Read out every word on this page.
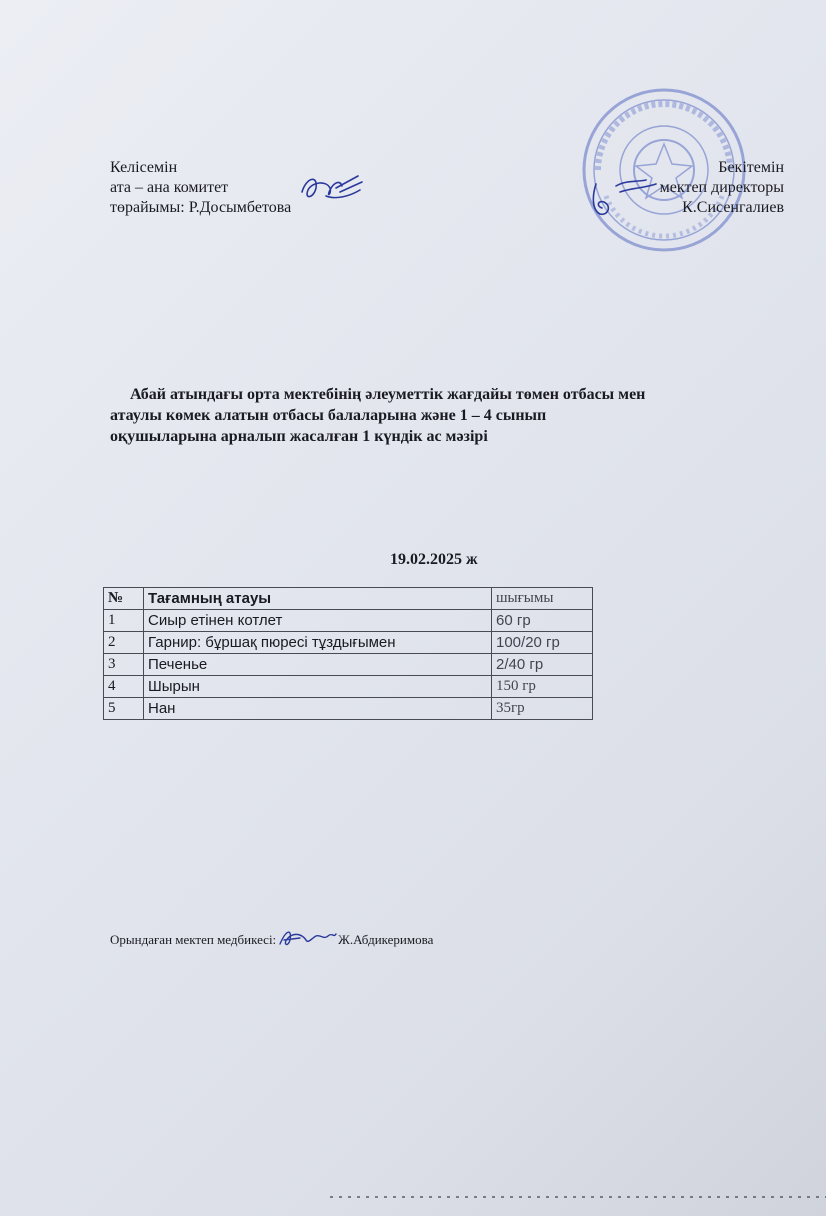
Келісемін
ата – ана комитет
төрайымы: Р.Досымбетова
Бекітемін
мектеп директоры
К.Сисенгалиев
Абай атындағы орта мектебінің әлеуметтік жағдайы төмен отбасы мен
атаулы көмек алатын отбасы балаларына және 1 – 4 сынып
оқушыларына арналып жасалған 1 күндік ас мәзірі
19.02.2025 ж
№	Тағамның атауы	шығымы
1	Сиыр етінен котлет	60 гр
2	Гарнир: бұршақ пюресі тұздығымен	100/20 гр
3	Печенье	2/40 гр
4	Шырын	150 гр
5	Нан	35гр
Орындаған мектеп медбикесі:	Ж.Абдикеримова
